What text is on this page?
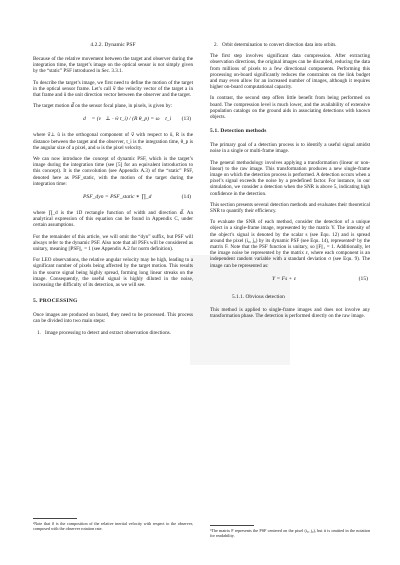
4.2.2. Dynamic PSF

Because of the relative movement between the target and observer during the integration time, the target’s image on the optical sensor is not simply given by the “static” PSF introduced in Sec. 3.3.1.

To describe the target’s image, we first need to define the motion of the target in the optical sensor frame. Let’s call v⃗ the velocity vector of the target a in that frame and û the unit direction vector between the observer and the target.

The target motion d⃗ on the sensor focal plane, in pixels, is given by:

d⃗ = (v⃗⊥ · ŵ t_i) / (R θ_p) = ω⃗ t_i (13)

where v⃗⊥ û is the orthogonal component of v⃗ with respect to û, R is the distance between the target and the observer, t_i is the integration time, θ_p is the angular size of a pixel, and ω is the pixel velocity.

We can now introduce the concept of dynamic PSF, which is the target’s image during the integration time (see [5] for an equivalent introduction to this concept). It is the convolution (see Appendix A.3) of the “static” PSF, denoted here as PSF_static, with the motion of the target during the integration time:

PSF_dyn = PSF_static ∗ ∏_d	(14)

where ∏_d is the 1D rectangle function of width and direction d⃗. An analytical expression of this equation can be found in Appendix C, under certain assumptions.

For the remainder of this article, we will omit the “dyn” suffix, but PSF will always refer to the dynamic PSF. Also note that all PSFs will be considered as unitary, meaning ||PSF||₁ = 1 (see Appendix A.2 for norm definition).

For LEO observations, the relative angular velocity may be high, leading to a significant number of pixels being affected by the target motion. This results in the source signal being highly spread, forming long linear streaks on the image. Consequently, the useful signal is highly diluted in the noise, increasing the difficulty of its detection, as we will see.

5. PROCESSING

Once images are produced on board, they need to be processed. This process can be divided into two main steps:

1. Image processing to detect and extract observation directions.
ᵃNote that v⃗ is the composition of the relative inertial velocity with respect to the observer, composed with the observer rotation rate.
2. Orbit determination to convert direction data into orbits.

The first step involves significant data compression. After extracting observation directions, the original images can be discarded, reducing the data from millions of pixels to a few directional components. Performing this processing on-board significantly reduces the constraints on the link budget and may even allow for an increased number of images, although it requires higher on-board computational capacity.

In contrast, the second step offers little benefit from being performed on board. The compression level is much lower, and the availability of extensive population catalogs on the ground aids in associating detections with known objects.

5.1. Detection methods

The primary goal of a detection process is to identify a useful signal amidst noise in a single or multi-frame image.

The general methodology involves applying a transformation (linear or non-linear) to the raw image. This transformation produces a new single-frame image on which the detection process is performed. A detection occurs when a pixel’s signal exceeds the noise by a predefined factor. For instance, in our simulation, we consider a detection when the SNR is above 5, indicating high confidence in the detection.

This section presents several detection methods and evaluates their theoretical SNR to quantify their efficiency.

To evaluate the SNR of each method, consider the detection of a unique object in a single-frame image, represented by the matrix Y. The intensity of the object’s signal is denoted by the scalar s (see Equ. 12) and is spread around the pixel (i₀, j₀) by its dynamic PSF (see Equ. 14), representedᵇ by the matrix F. Note that the PSF function is unitary, so ||F||₁ = 1. Additionally, let the image noise be represented by the matrix ε, where each component is an independent random variable with a standard deviation σ (see Equ. 9). The image can be represented as:

Y = Fs + ε	(15)
5.1.1. Obvious detection

This method is applied to single-frame images and does not involve any transformation phase. The detection is performed directly on the raw image.

ᵇThe matrix F represents the PSF centered on the pixel (i₀, j₀), but it is omitted in the notation for readability.
